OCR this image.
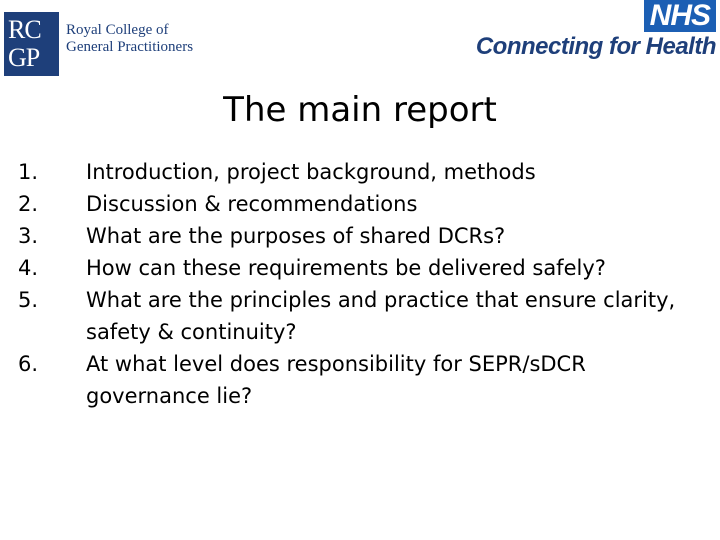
RC
GP
Royal College of
General Practitioners
NHS
Connecting for Health
The main report
1.	Introduction, project background, methods
2.	Discussion & recommendations
3.	What are the purposes of shared DCRs?
4.	How can these requirements be delivered safely?
5.	What are the principles and practice that ensure clarity, safety & continuity?
6.	At what level does responsibility for SEPR/sDCR governance lie?
